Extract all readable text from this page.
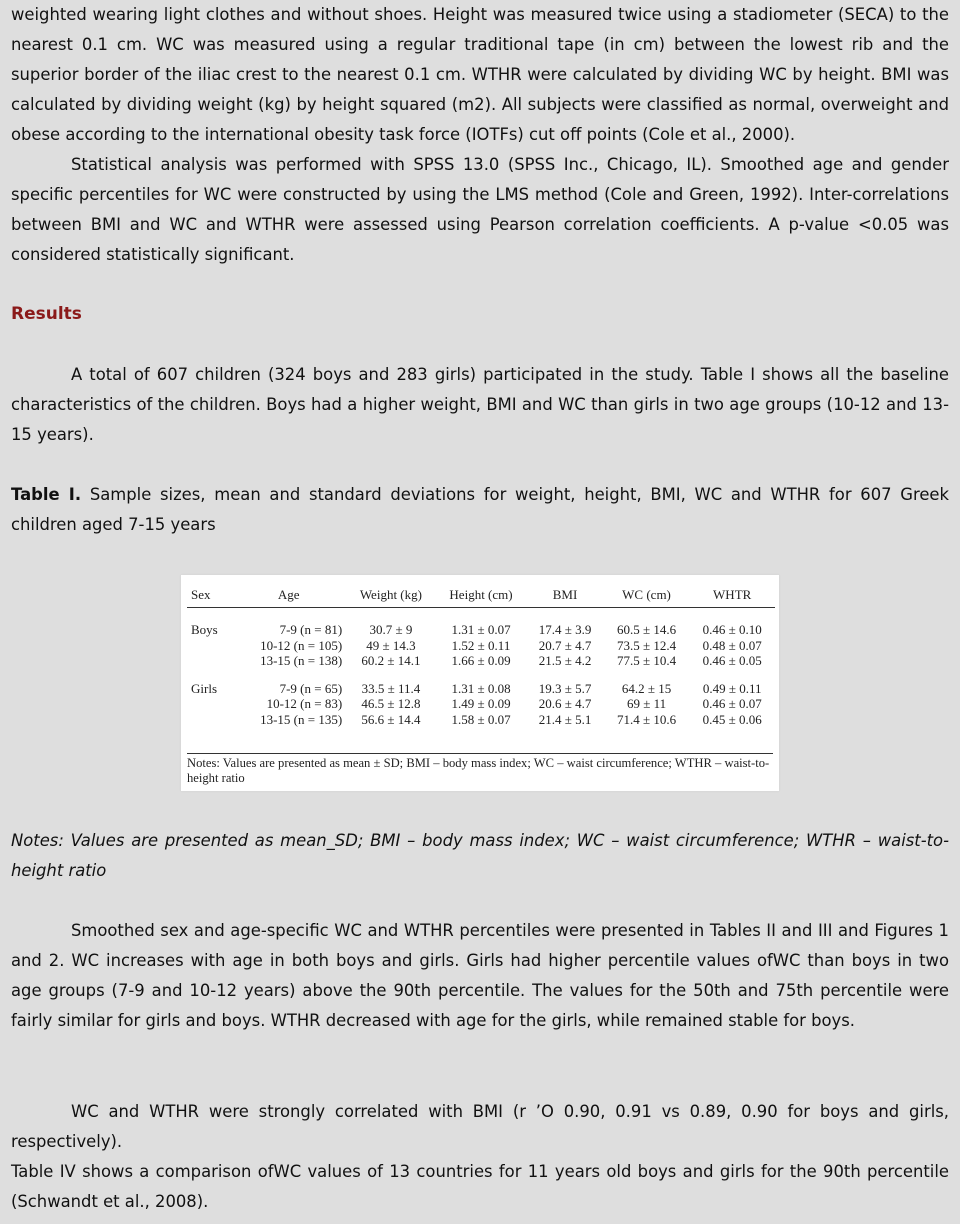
weighted wearing light clothes and without shoes. Height was measured twice using a stadiometer (SECA) to the nearest 0.1 cm. WC was measured using a regular traditional tape (in cm) between the lowest rib and the superior border of the iliac crest to the nearest 0.1 cm. WTHR were calculated by dividing WC by height. BMI was calculated by dividing weight (kg) by height squared (m2). All subjects were classified as normal, overweight and obese according to the international obesity task force (IOTFs) cut off points (Cole et al., 2000).

Statistical analysis was performed with SPSS 13.0 (SPSS Inc., Chicago, IL). Smoothed age and gender specific percentiles for WC were constructed by using the LMS method (Cole and Green, 1992). Inter-correlations between BMI and WC and WTHR were assessed using Pearson correlation coefficients. A p-value <0.05 was considered statistically significant.

Results

A total of 607 children (324 boys and 283 girls) participated in the study. Table I shows all the baseline characteristics of the children. Boys had a higher weight, BMI and WC than girls in two age groups (10-12 and 13-15 years).

Table I. Sample sizes, mean and standard deviations for weight, height, BMI, WC and WTHR for 607 Greek children aged 7-15 years

Sex	Age	Weight (kg)	Height (cm)	BMI	WC (cm)	WHTR
Boys	7-9 (n = 81)	30.7 ± 9	1.31 ± 0.07	17.4 ± 3.9	60.5 ± 14.6	0.46 ± 0.10
	10-12 (n = 105)	49 ± 14.3	1.52 ± 0.11	20.7 ± 4.7	73.5 ± 12.4	0.48 ± 0.07
	13-15 (n = 138)	60.2 ± 14.1	1.66 ± 0.09	21.5 ± 4.2	77.5 ± 10.4	0.46 ± 0.05

Girls	7-9 (n = 65)	33.5 ± 11.4	1.31 ± 0.08	19.3 ± 5.7	64.2 ± 15	0.49 ± 0.11
	10-12 (n = 83)	46.5 ± 12.8	1.49 ± 0.09	20.6 ± 4.7	69 ± 11	0.46 ± 0.07
	13-15 (n = 135)	56.6 ± 14.4	1.58 ± 0.07	21.4 ± 5.1	71.4 ± 10.6	0.45 ± 0.06
Notes: Values are presented as mean ± SD; BMI – body mass index; WC – waist circumference; WTHR – waist-to-height ratio

Notes: Values are presented as mean_SD; BMI – body mass index; WC – waist circumference; WTHR – waist-to-height ratio

Smoothed sex and age-specific WC and WTHR percentiles were presented in Tables II and III and Figures 1 and 2. WC increases with age in both boys and girls. Girls had higher percentile values ofWC than boys in two age groups (7-9 and 10-12 years) above the 90th percentile. The values for the 50th and 75th percentile were fairly similar for girls and boys. WTHR decreased with age for the girls, while remained stable for boys.

WC and WTHR were strongly correlated with BMI (r ’O 0.90, 0.91 vs 0.89, 0.90 for boys and girls, respectively).

Table IV shows a comparison ofWC values of 13 countries for 11 years old boys and girls for the 90th percentile (Schwandt et al., 2008).
